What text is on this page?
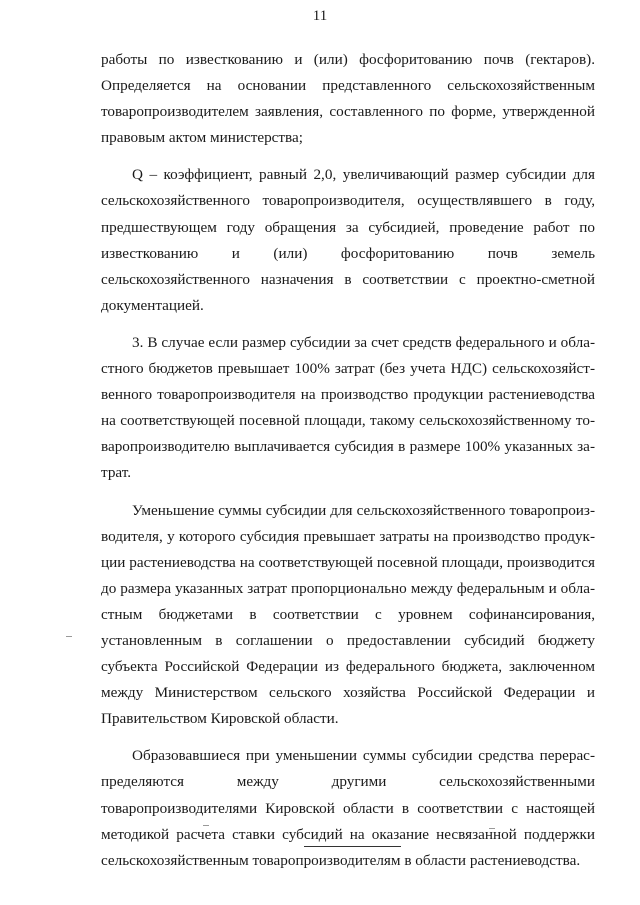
11

работы по известкованию и (или) фосфоритованию почв (гектаров). Определяется на основании представленного сельскохозяйственным товаропроизводителем заявления, составленного по форме, утвержденной правовым актом министерства;

Q – коэффициент, равный 2,0, увеличивающий размер субсидии для сельскохозяйственного товаропроизводителя, осуществлявшего в году, предшествующем году обращения за субсидией, проведение работ по известкованию и (или) фосфоритованию почв земель сельскохозяйственного назначения в соответствии с проектно-сметной документацией.

3. В случае если размер субсидии за счет средств федерального и областного бюджетов превышает 100% затрат (без учета НДС) сельскохозяйственного товаропроизводителя на производство продукции растениеводства на соответствующей посевной площади, такому сельскохозяйственному товаропроизводителю выплачивается субсидия в размере 100% указанных затрат.

Уменьшение суммы субсидии для сельскохозяйственного товаропроизводителя, у которого субсидия превышает затраты на производство продукции растениеводства на соответствующей посевной площади, производится до размера указанных затрат пропорционально между федеральным и областным бюджетами в соответствии с уровнем софинансирования, установленным в соглашении о предоставлении субсидий бюджету субъекта Российской Федерации из федерального бюджета, заключенном между Министерством сельского хозяйства Российской Федерации и Правительством Кировской области.

Образовавшиеся при уменьшении суммы субсидии средства перераспределяются между другими сельскохозяйственными товаропроизводителями Кировской области в соответствии с настоящей методикой расчета ставки субсидий на оказание несвязанной поддержки сельскохозяйственным товаропроизводителям в области растениеводства.
